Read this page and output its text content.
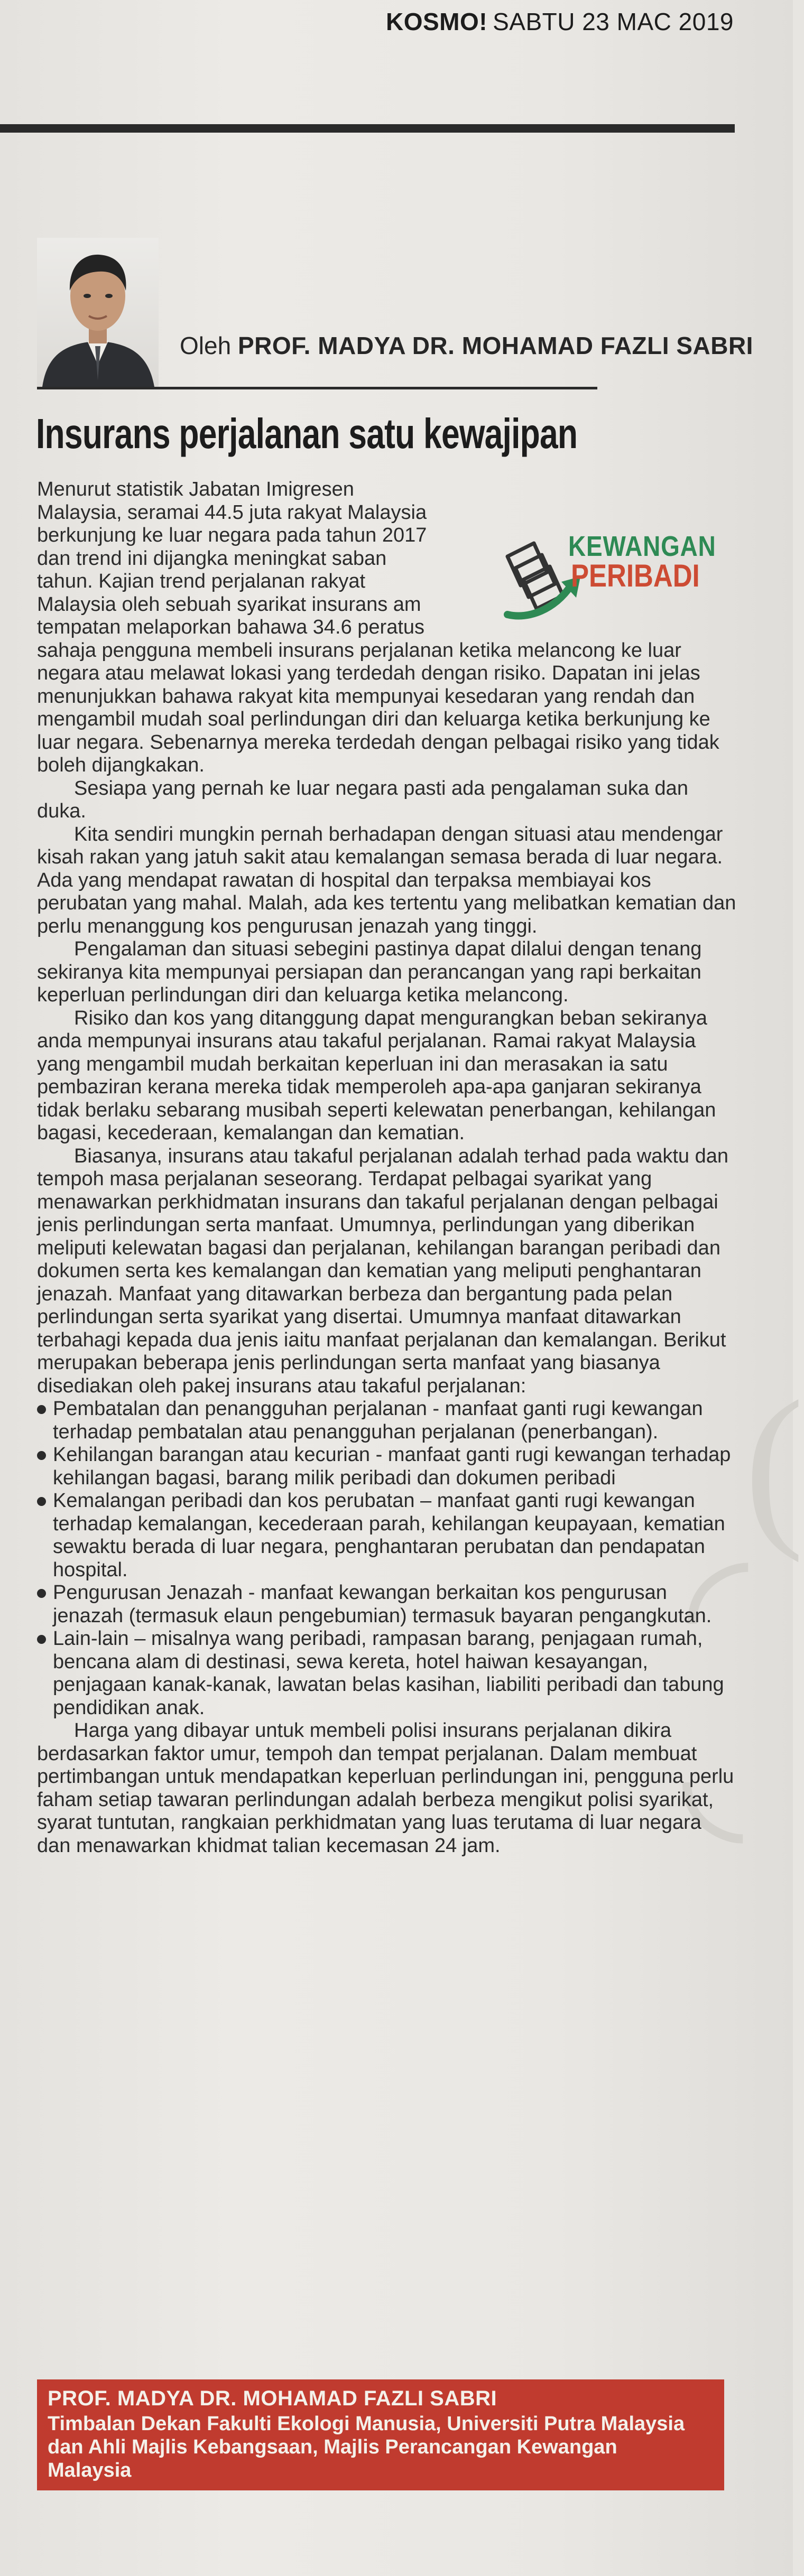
(
◜
◟
KOSMO! SABTU 23 MAC 2019
Oleh PROF. MADYA DR. MOHAMAD FAZLI SABRI
Insurans perjalanan satu kewajipan
KEWANGAN
PERIBADI

Menurut statistik Jabatan Imigresen Malaysia, seramai 44.5 juta rakyat Malaysia berkunjung ke luar negara pada tahun 2017 dan trend ini dijangka meningkat saban tahun. Kajian trend perjalanan rakyat Malaysia oleh sebuah syarikat insurans am tempatan melaporkan bahawa 34.6 peratus sahaja pengguna membeli insurans perjalanan ketika melancong ke luar negara atau melawat lokasi yang terdedah dengan risiko. Dapatan ini jelas menunjukkan bahawa rakyat kita mempunyai kesedaran yang rendah dan mengambil mudah soal perlindungan diri dan keluarga ketika berkunjung ke luar negara. Sebenarnya mereka terdedah dengan pelbagai risiko yang tidak boleh dijangkakan.

Sesiapa yang pernah ke luar negara pasti ada pengalaman suka dan duka.

Kita sendiri mungkin pernah berhadapan dengan situasi atau mendengar kisah rakan yang jatuh sakit atau kemalangan semasa berada di luar negara. Ada yang mendapat rawatan di hospital dan terpaksa membiayai kos perubatan yang mahal. Malah, ada kes tertentu yang melibatkan kematian dan perlu menanggung kos pengurusan jenazah yang tinggi.

Pengalaman dan situasi sebegini pastinya dapat dilalui dengan tenang sekiranya kita mempunyai persiapan dan perancangan yang rapi berkaitan keperluan perlindungan diri dan keluarga ketika melancong.

Risiko dan kos yang ditanggung dapat mengurangkan beban sekiranya anda mempunyai insurans atau takaful perjalanan. Ramai rakyat Malaysia yang mengambil mudah berkaitan keperluan ini dan merasakan ia satu pembaziran kerana mereka tidak memperoleh apa-apa ganjaran sekiranya tidak berlaku sebarang musibah seperti kelewatan penerbangan, kehilangan bagasi, kecederaan, kemalangan dan kematian.

Biasanya, insurans atau takaful perjalanan adalah terhad pada waktu dan tempoh masa perjalanan seseorang. Terdapat pelbagai syarikat yang menawarkan perkhidmatan insurans dan takaful perjalanan dengan pelbagai jenis perlindungan serta manfaat. Umumnya, perlindungan yang diberikan meliputi kelewatan bagasi dan perjalanan, kehilangan barangan peribadi dan dokumen serta kes kemalangan dan kematian yang meliputi penghantaran jenazah. Manfaat yang ditawarkan berbeza dan bergantung pada pelan perlindungan serta syarikat yang disertai. Umumnya manfaat ditawarkan terbahagi kepada dua jenis iaitu manfaat perjalanan dan kemalangan. Berikut merupakan beberapa jenis perlindungan serta manfaat yang biasanya disediakan oleh pakej insurans atau takaful perjalanan:

Pembatalan dan penangguhan perjalanan - manfaat ganti rugi kewangan terhadap pembatalan atau penangguhan perjalanan (penerbangan).
Kehilangan barangan atau kecurian - manfaat ganti rugi kewangan terhadap kehilangan bagasi, barang milik peribadi dan dokumen peribadi
Kemalangan peribadi dan kos perubatan – manfaat ganti rugi kewangan terhadap kemalangan, kecederaan parah, kehilangan keupayaan, kematian sewaktu berada di luar negara, penghantaran perubatan dan pendapatan hospital.
Pengurusan Jenazah - manfaat kewangan berkaitan kos pengurusan jenazah (termasuk elaun pengebumian) termasuk bayaran pengangkutan.
Lain-lain – misalnya wang peribadi, rampasan barang, penjagaan rumah, bencana alam di destinasi, sewa kereta, hotel haiwan kesayangan, penjagaan kanak-kanak, lawatan belas kasihan, liabiliti peribadi dan tabung pendidikan anak.

Harga yang dibayar untuk membeli polisi insurans perjalanan dikira berdasarkan faktor umur, tempoh dan tempat perjalanan. Dalam membuat pertimbangan untuk mendapatkan keperluan perlindungan ini, pengguna perlu faham setiap tawaran perlindungan adalah berbeza mengikut polisi syarikat, syarat tuntutan, rangkaian perkhidmatan yang luas terutama di luar negara dan menawarkan khidmat talian kecemasan 24 jam.

PROF. MADYA DR. MOHAMAD FAZLI SABRI
Timbalan Dekan Fakulti Ekologi Manusia, Universiti Putra Malaysia dan Ahli Majlis Kebangsaan, Majlis Perancangan Kewangan Malaysia
